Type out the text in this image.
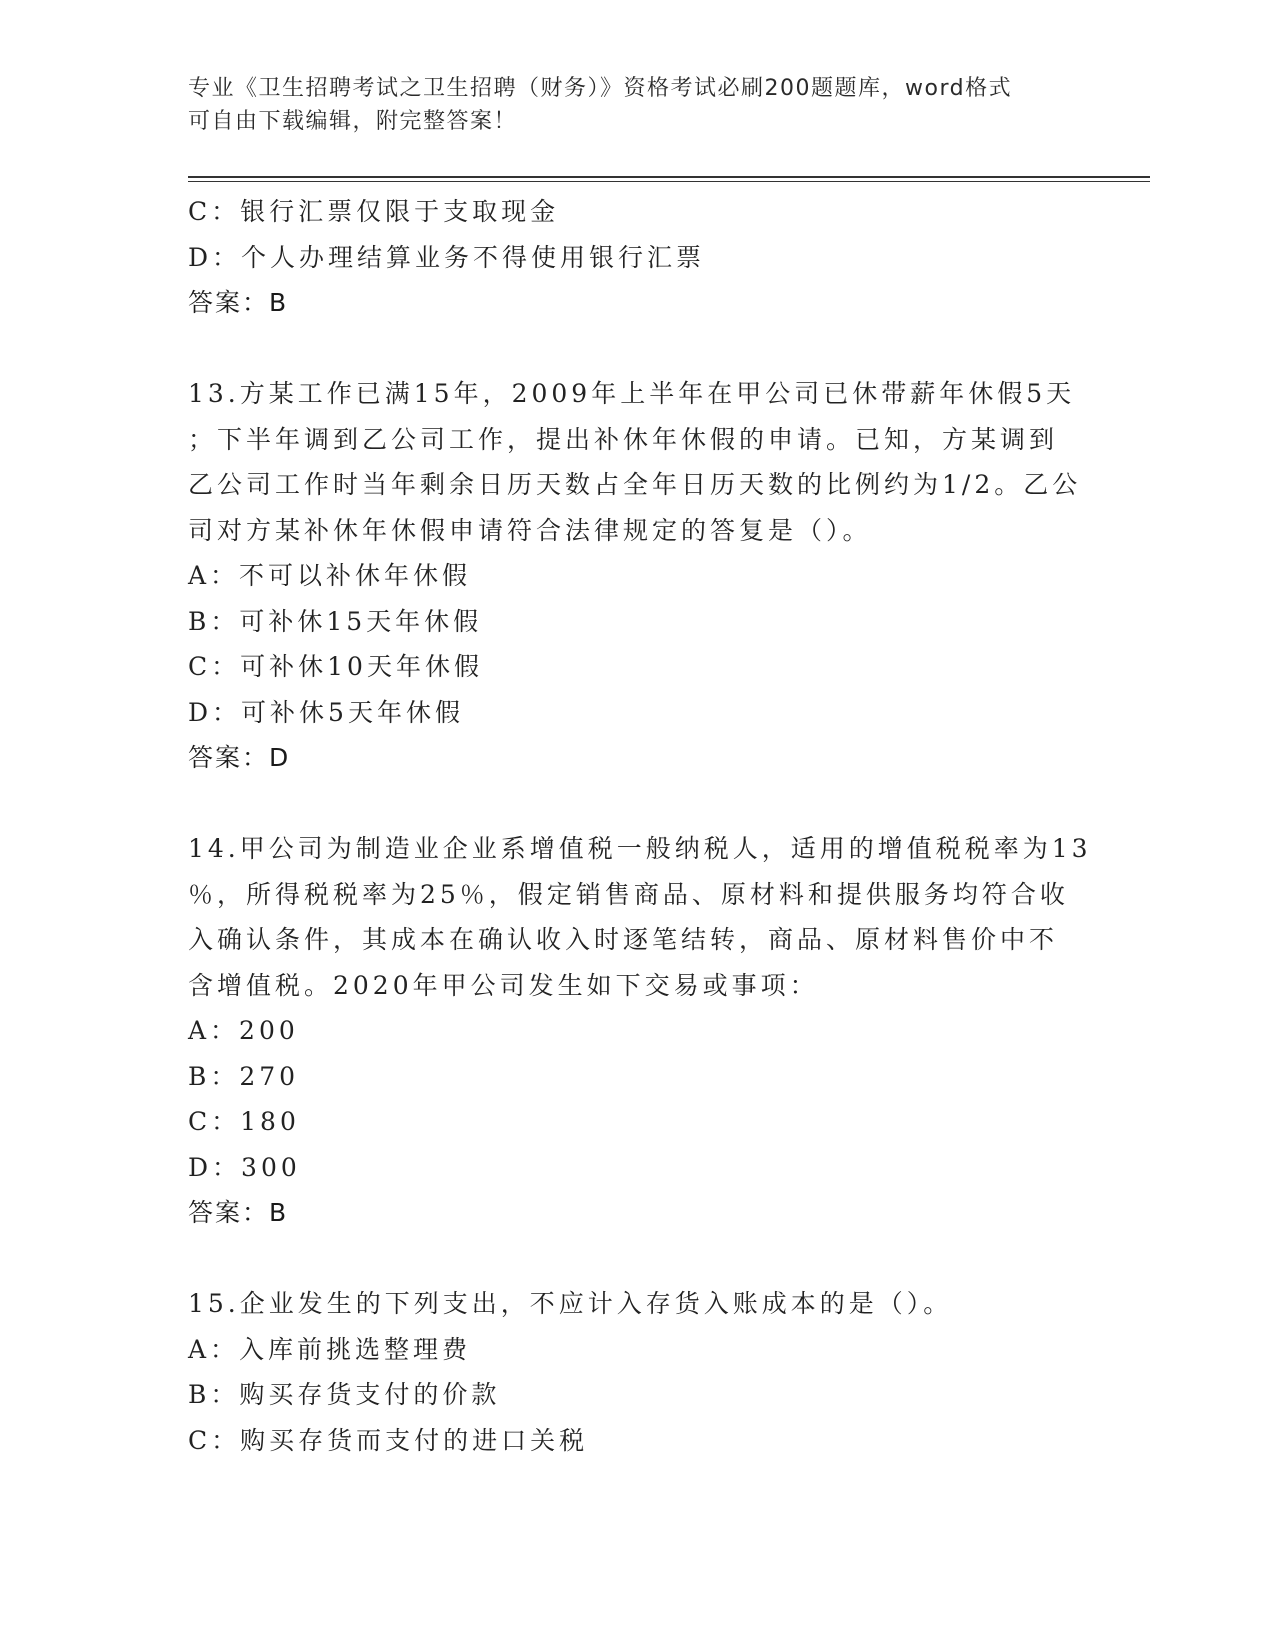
专业《卫生招聘考试之卫生招聘（财务）》资格考试必刷200题题库，word格式
可自由下载编辑，附完整答案！
C：银行汇票仅限于支取现金
D：个人办理结算业务不得使用银行汇票
答案：B
13.方某工作已满15年，2009年上半年在甲公司已休带薪年休假5天
；下半年调到乙公司工作，提出补休年休假的申请。已知，方某调到
乙公司工作时当年剩余日历天数占全年日历天数的比例约为1/2。乙公
司对方某补休年休假申请符合法律规定的答复是（）。
A：不可以补休年休假
B：可补休15天年休假
C：可补休10天年休假
D：可补休5天年休假
答案：D
14.甲公司为制造业企业系增值税一般纳税人，适用的增值税税率为13
％，所得税税率为25％，假定销售商品、原材料和提供服务均符合收
入确认条件，其成本在确认收入时逐笔结转，商品、原材料售价中不
含增值税。2020年甲公司发生如下交易或事项：
A：200
B：270
C：180
D：300
答案：B
15.企业发生的下列支出，不应计入存货入账成本的是（）。
A：入库前挑选整理费
B：购买存货支付的价款
C：购买存货而支付的进口关税
